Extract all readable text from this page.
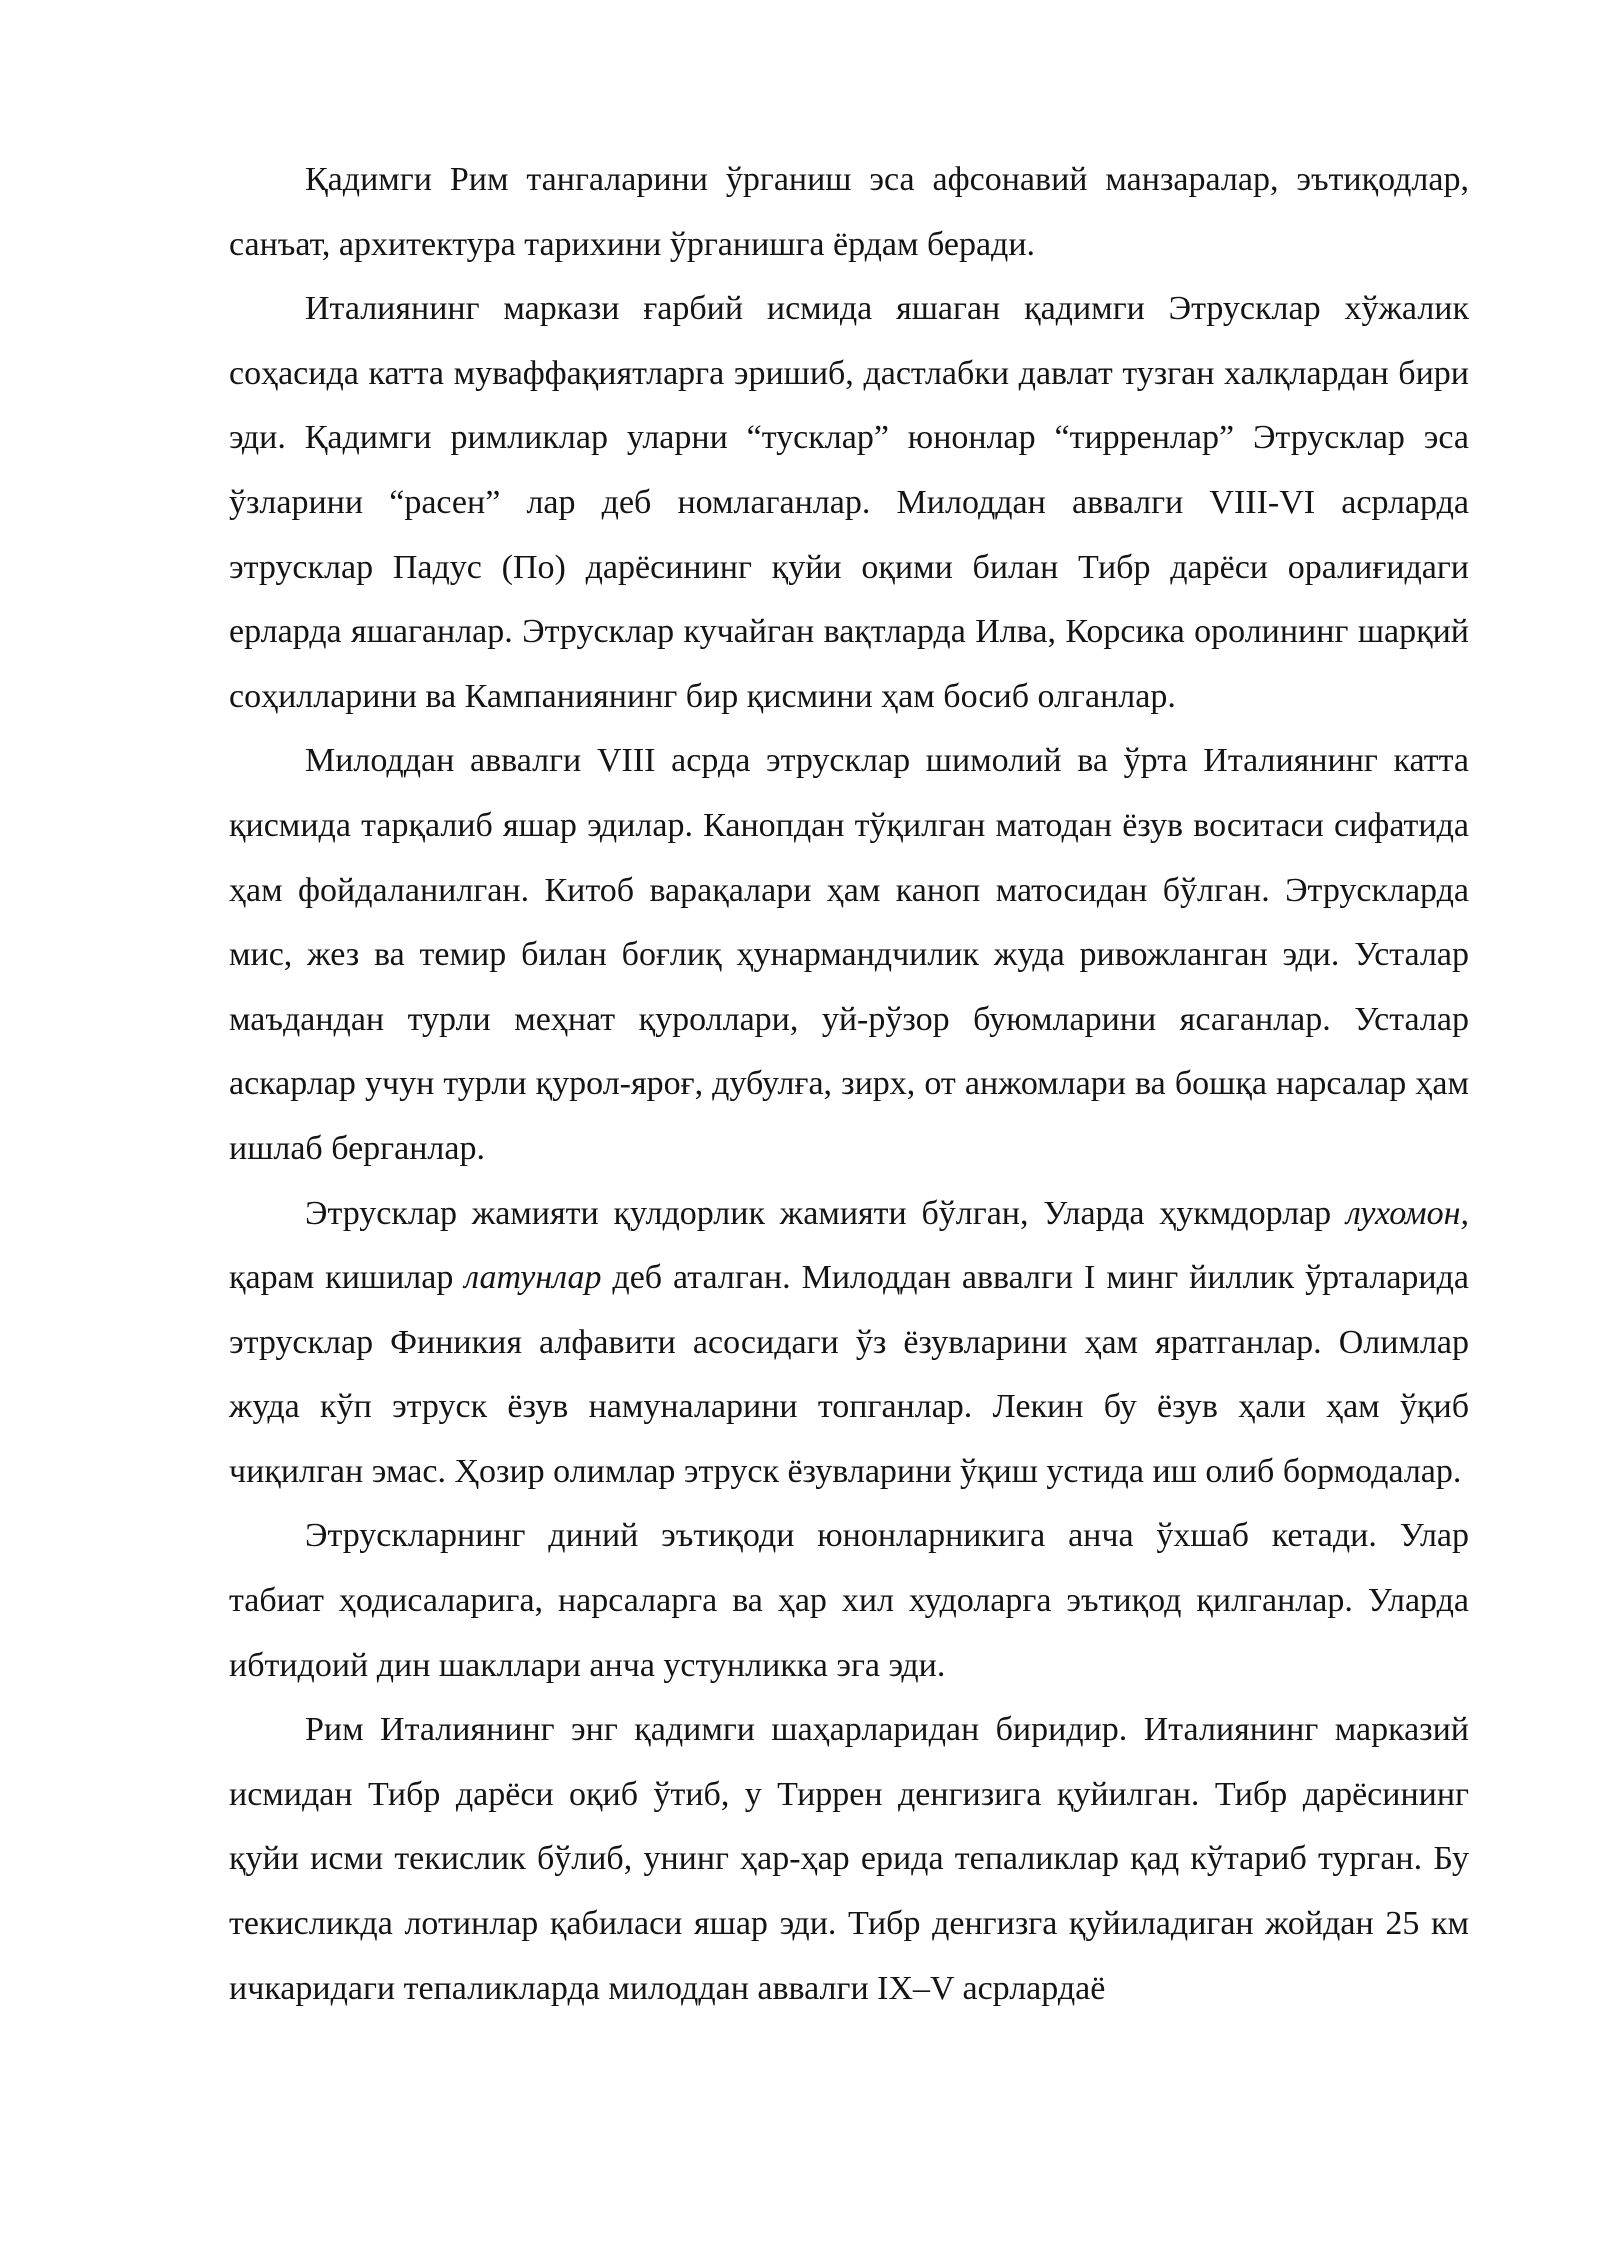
Қадимги Рим тангаларини ўрганиш эса афсонавий манзаралар, эътиқодлар, санъат, архитектура тарихини ўрганишга ёрдам беради.

Италиянинг маркази ғарбий исмида яшаган қадимги Этрусклар хўжалик соҳасида катта муваффақиятларга эришиб, дастлабки давлат тузган халқлардан бири эди. Қадимги римликлар уларни “тусклар” юнонлар “тирренлар” Этрусклар эса ўзларини “расен” лар деб номлаганлар. Милоддан аввалги VIII-VI асрларда этрусклар Падус (По) дарёсининг қуйи оқими билан Тибр дарёси оралиғидаги ерларда яшаганлар. Этрусклар кучайган вақтларда Илва, Корсика оролининг шарқий соҳилларини ва Кампаниянинг бир қисмини ҳам босиб олганлар.

Милоддан аввалги VIII асрда этрусклар шимолий ва ўрта Италиянинг катта қисмида тарқалиб яшар эдилар. Канопдан тўқилган матодан ёзув воситаси сифатида ҳам фойдаланилган. Китоб варақалари ҳам каноп матосидан бўлган. Этрускларда мис, жез ва темир билан боғлиқ ҳунармандчилик жуда ривожланган эди. Усталар маъдандан турли меҳнат қуроллари, уй-рўзор буюмларини ясаганлар. Усталар аскарлар учун турли қурол-яроғ, дубулға, зирх, от анжомлари ва бошқа нарсалар ҳам ишлаб берганлар.

Этрусклар жамияти қулдорлик жамияти бўлган, Уларда ҳукмдорлар лухомон, қарам кишилар латунлар деб аталган. Милоддан аввалги I минг йиллик ўрталарида этрусклар Финикия алфавити асосидаги ўз ёзувларини ҳам яратганлар. Олимлар жуда кўп этруск ёзув намуналарини топганлар. Лекин бу ёзув ҳали ҳам ўқиб чиқилган эмас. Ҳозир олимлар этруск ёзувларини ўқиш устида иш олиб бормодалар.

Этрускларнинг диний эътиқоди юнонларникига анча ўхшаб кетади. Улар табиат ҳодисаларига, нарсаларга ва ҳар хил худоларга эътиқод қилганлар. Уларда ибтидоий дин шакллари анча устунликка эга эди.

Рим Италиянинг энг қадимги шаҳарларидан биридир. Италиянинг марказий исмидан Тибр дарёси оқиб ўтиб, у Тиррен денгизига қуйилган. Тибр дарёсининг қуйи исми текислик бўлиб, унинг ҳар-ҳар ерида тепаликлар қад кўтариб турган. Бу текисликда лотинлар қабиласи яшар эди. Тибр денгизга қуйиладиган жойдан 25 км ичкаридаги тепаликларда милоддан аввалги IX–V асрлардаё
